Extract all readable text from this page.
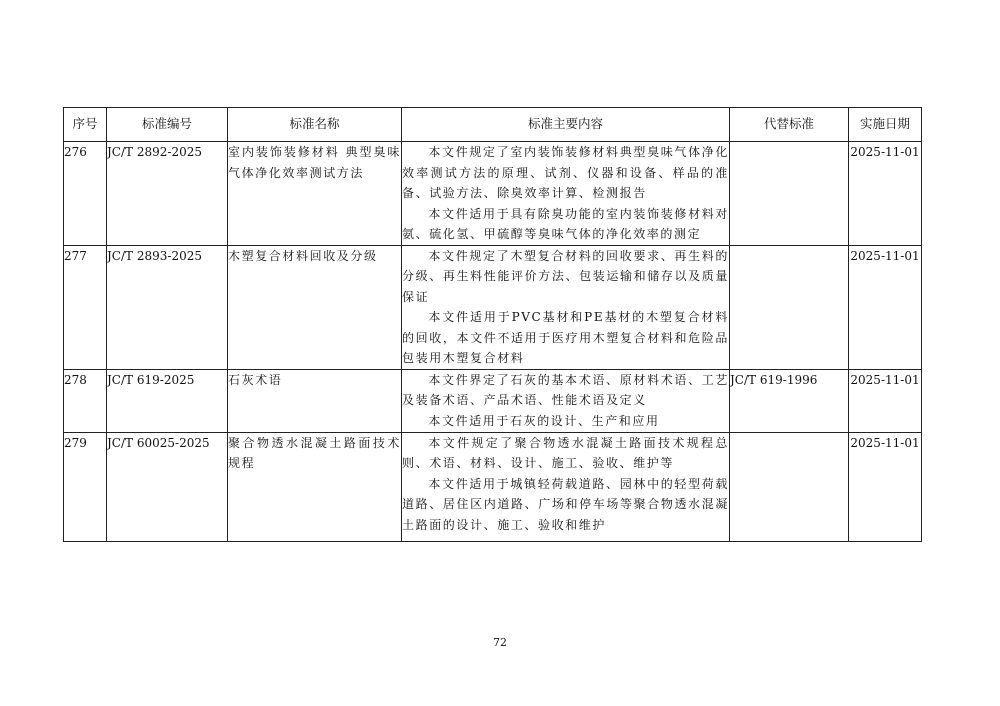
序号	标准编号	标准名称	标准主要内容	代替标准	实施日期
276	JC/T 2892-2025	室内装饰装修材料 典型臭味气体净化效率测试方法	本文件规定了室内装饰装修材料典型臭味气体净化效率测试方法的原理、试剂、仪器和设备、样品的准备、试验方法、除臭效率计算、检测报告

本文件适用于具有除臭功能的室内装饰装修材料对氨、硫化氢、甲硫醇等臭味气体的净化效率的测定		2025-11-01
277	JC/T 2893-2025	木塑复合材料回收及分级	本文件规定了木塑复合材料的回收要求、再生料的分级、再生料性能评价方法、包装运输和储存以及质量保证

本文件适用于PVC基材和PE基材的木塑复合材料的回收，本文件不适用于医疗用木塑复合材料和危险品包装用木塑复合材料		2025-11-01
278	JC/T 619-2025	石灰术语	本文件界定了石灰的基本术语、原材料术语、工艺及装备术语、产品术语、性能术语及定义

本文件适用于石灰的设计、生产和应用	JC/T 619-1996	2025-11-01
279	JC/T 60025-2025	聚合物透水混凝土路面技术规程	本文件规定了聚合物透水混凝土路面技术规程总则、术语、材料、设计、施工、验收、维护等

本文件适用于城镇轻荷载道路、园林中的轻型荷载道路、居住区内道路、广场和停车场等聚合物透水混凝土路面的设计、施工、验收和维护		2025-11-01
72
